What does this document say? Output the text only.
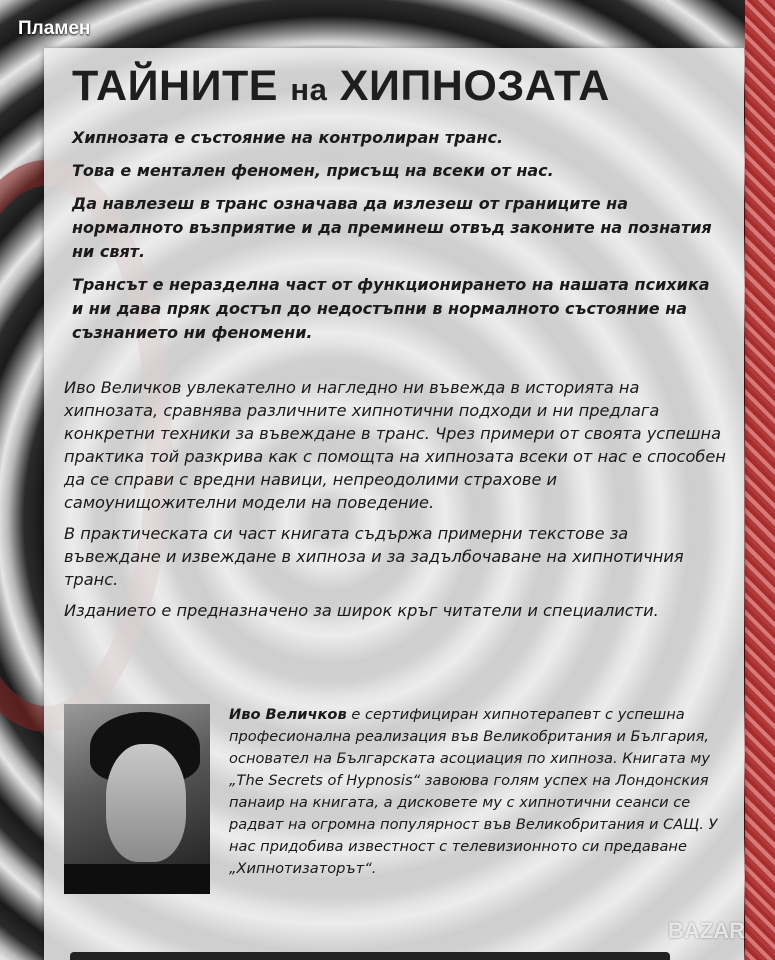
Пламен
ТАЙНИТЕ на ХИПНОЗАТА

Хипнозата е състояние на контролиран транс.

Това е ментален феномен, присъщ на всеки от нас.

Да навлезеш в транс означава да излезеш от границите на нормалното възприятие и да преминеш отвъд законите на познатия ни свят.

Трансът е неразделна част от функционирането на нашата психика и ни дава пряк достъп до недостъпни в нормалното състояние на съзнанието ни феномени.

Иво Величков увлекателно и нагледно ни въвежда в историята на хипнозата, сравнява различните хипнотични подходи и ни предлага конкретни техники за въвеждане в транс. Чрез примери от своята успешна практика той разкрива как с помощта на хипнозата всеки от нас е способен да се справи с вредни навици, непреодолими страхове и самоунищожителни модели на поведение.

В практическата си част книгата съдържа примерни текстове за въвеждане и извеждане в хипноза и за задълбочаване на хипнотичния транс.

Изданието е предназначено за широк кръг читатели и специалисти.

Иво Величков е сертифициран хипнотерапевт с успешна професионална реализация във Великобритания и България, основател на Българската асоциация по хипноза. Книгата му „The Secrets of Hypnosis“ завоюва голям успех на Лондонския панаир на книгата, а дисковете му с хипнотични сеанси се радват на огромна популярност във Великобритания и САЩ. У нас придобива известност с телевизионното си предаване „Хипнотизаторът“.
BAZAR
